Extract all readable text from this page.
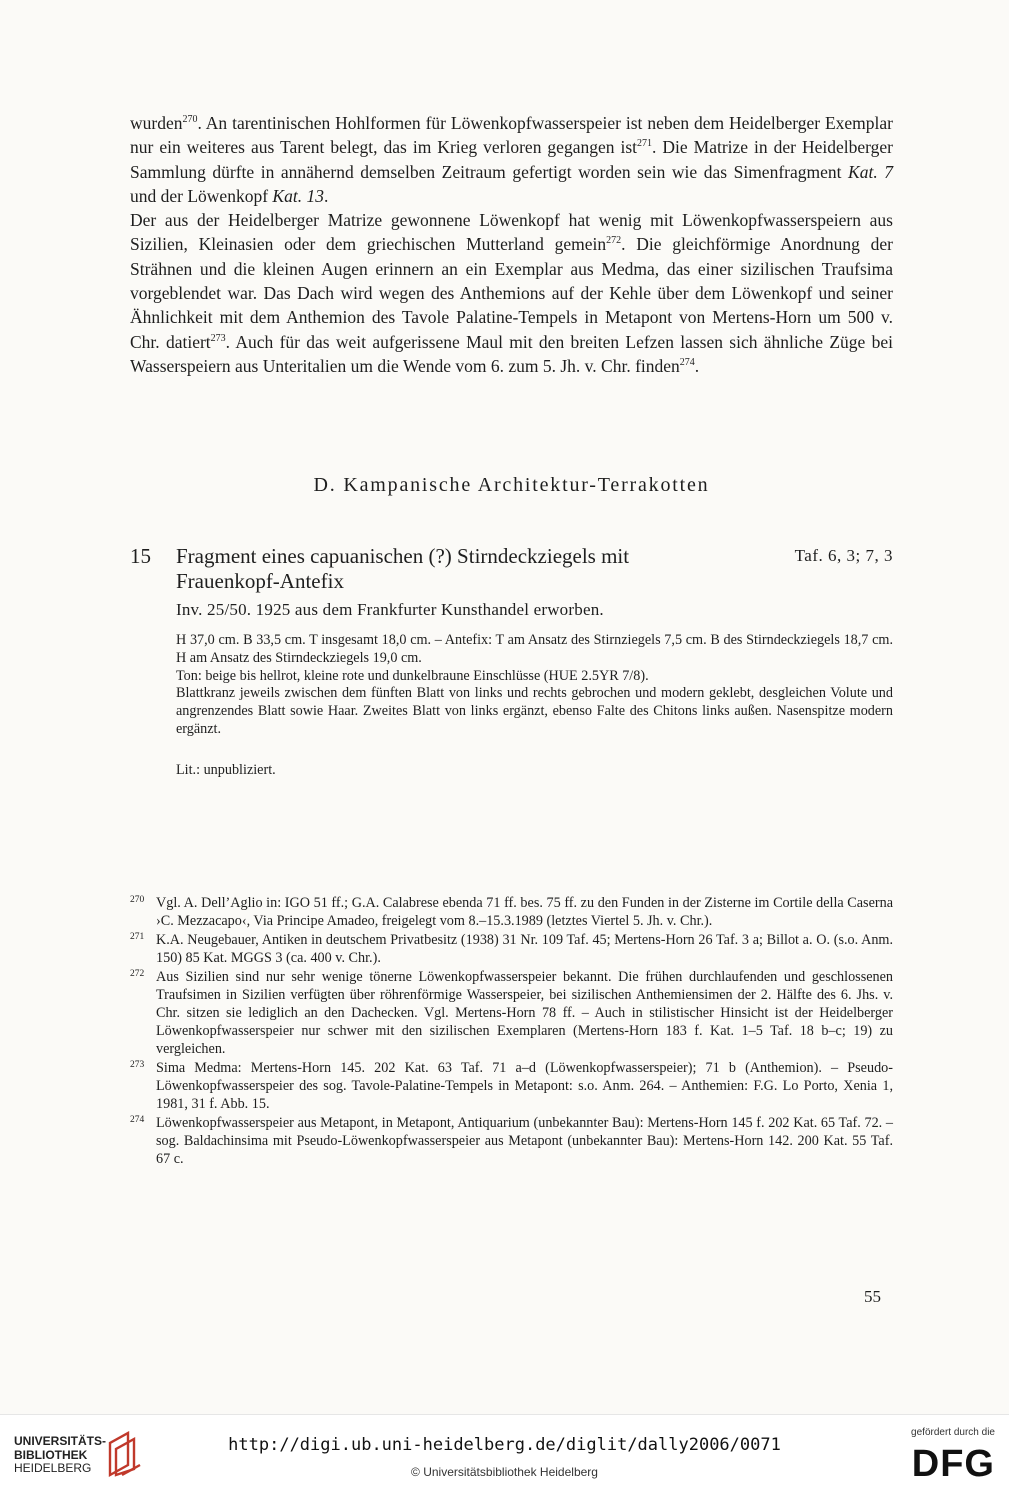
wurden$^{270}$. An tarentinischen Hohlformen für Löwenkopfwasserspeier ist neben dem Heidelberger Exemplar nur ein weiteres aus Tarent belegt, das im Krieg verloren gegangen ist$^{271}$. Die Matrize in der Heidelberger Sammlung dürfte in annähernd demselben Zeitraum gefertigt worden sein wie das Simenfragment Kat. 7 und der Löwenkopf Kat. 13.

Der aus der Heidelberger Matrize gewonnene Löwenkopf hat wenig mit Löwenkopfwasserspeiern aus Sizilien, Kleinasien oder dem griechischen Mutterland gemein$^{272}$. Die gleichförmige Anordnung der Strähnen und die kleinen Augen erinnern an ein Exemplar aus Medma, das einer sizilischen Traufsima vorgeblendet war. Das Dach wird wegen des Anthemions auf der Kehle über dem Löwenkopf und seiner Ähnlichkeit mit dem Anthemion des Tavole Palatine-Tempels in Metapont von Mertens-Horn um 500 v. Chr. datiert$^{273}$. Auch für das weit aufgerissene Maul mit den breiten Lefzen lassen sich ähnliche Züge bei Wasserspeiern aus Unteritalien um die Wende vom 6. zum 5. Jh. v. Chr. finden$^{274}$.

D. Kampanische Architektur-Terrakotten
15 Fragment eines capuanischen (?) Stirndeckziegels mit Frauenkopf-Antefix
Taf. 6, 3; 7, 3
Inv. 25/50. 1925 aus dem Frankfurter Kunsthandel erworben.

H 37,0 cm. B 33,5 cm. T insgesamt 18,0 cm. – Antefix: T am Ansatz des Stirnziegels 7,5 cm. B des Stirndeckziegels 18,7 cm. H am Ansatz des Stirndeckziegels 19,0 cm.

Ton: beige bis hellrot, kleine rote und dunkelbraune Einschlüsse (HUE 2.5YR 7/8).

Blattkranz jeweils zwischen dem fünften Blatt von links und rechts gebrochen und modern geklebt, desgleichen Volute und angrenzendes Blatt sowie Haar. Zweites Blatt von links ergänzt, ebenso Falte des Chitons links außen. Nasenspitze modern ergänzt.

Lit.: unpubliziert.
270 Vgl. A. Dell’Aglio in: IGO 51 ff.; G.A. Calabrese ebenda 71 ff. bes. 75 ff. zu den Funden in der Zisterne im Cortile della Caserna ›C. Mezzacapo‹, Via Principe Amadeo, freigelegt vom 8.–15.3.1989 (letztes Viertel 5. Jh. v. Chr.).
271 K.A. Neugebauer, Antiken in deutschem Privatbesitz (1938) 31 Nr. 109 Taf. 45; Mertens-Horn 26 Taf. 3 a; Billot a. O. (s.o. Anm. 150) 85 Kat. MGGS 3 (ca. 400 v. Chr.).
272 Aus Sizilien sind nur sehr wenige tönerne Löwenkopfwasserspeier bekannt. Die frühen durchlaufenden und geschlossenen Traufsimen in Sizilien verfügten über röhrenförmige Wasserspeier, bei sizilischen Anthemiensimen der 2. Hälfte des 6. Jhs. v. Chr. sitzen sie lediglich an den Dachecken. Vgl. Mertens-Horn 78 ff. – Auch in stilistischer Hinsicht ist der Heidelberger Löwenkopfwasserspeier nur schwer mit den sizilischen Exemplaren (Mertens-Horn 183 f. Kat. 1–5 Taf. 18 b–c; 19) zu vergleichen.
273 Sima Medma: Mertens-Horn 145. 202 Kat. 63 Taf. 71 a–d (Löwenkopfwasserspeier); 71 b (Anthemion). – Pseudo-Löwenkopfwasserspeier des sog. Tavole-Palatine-Tempels in Metapont: s.o. Anm. 264. – Anthemien: F.G. Lo Porto, Xenia 1, 1981, 31 f. Abb. 15.
274 Löwenkopfwasserspeier aus Metapont, in Metapont, Antiquarium (unbekannter Bau): Mertens-Horn 145 f. 202 Kat. 65 Taf. 72. – sog. Baldachinsima mit Pseudo-Löwenkopfwasserspeier aus Metapont (unbekannter Bau): Mertens-Horn 142. 200 Kat. 55 Taf. 67 c.
55
UNIVERSITÄTS-
BIBLIOTHEK
HEIDELBERG
http://digi.ub.uni-heidelberg.de/diglit/dally2006/0071
© Universitätsbibliothek Heidelberg
gefördert durch die
DFG
